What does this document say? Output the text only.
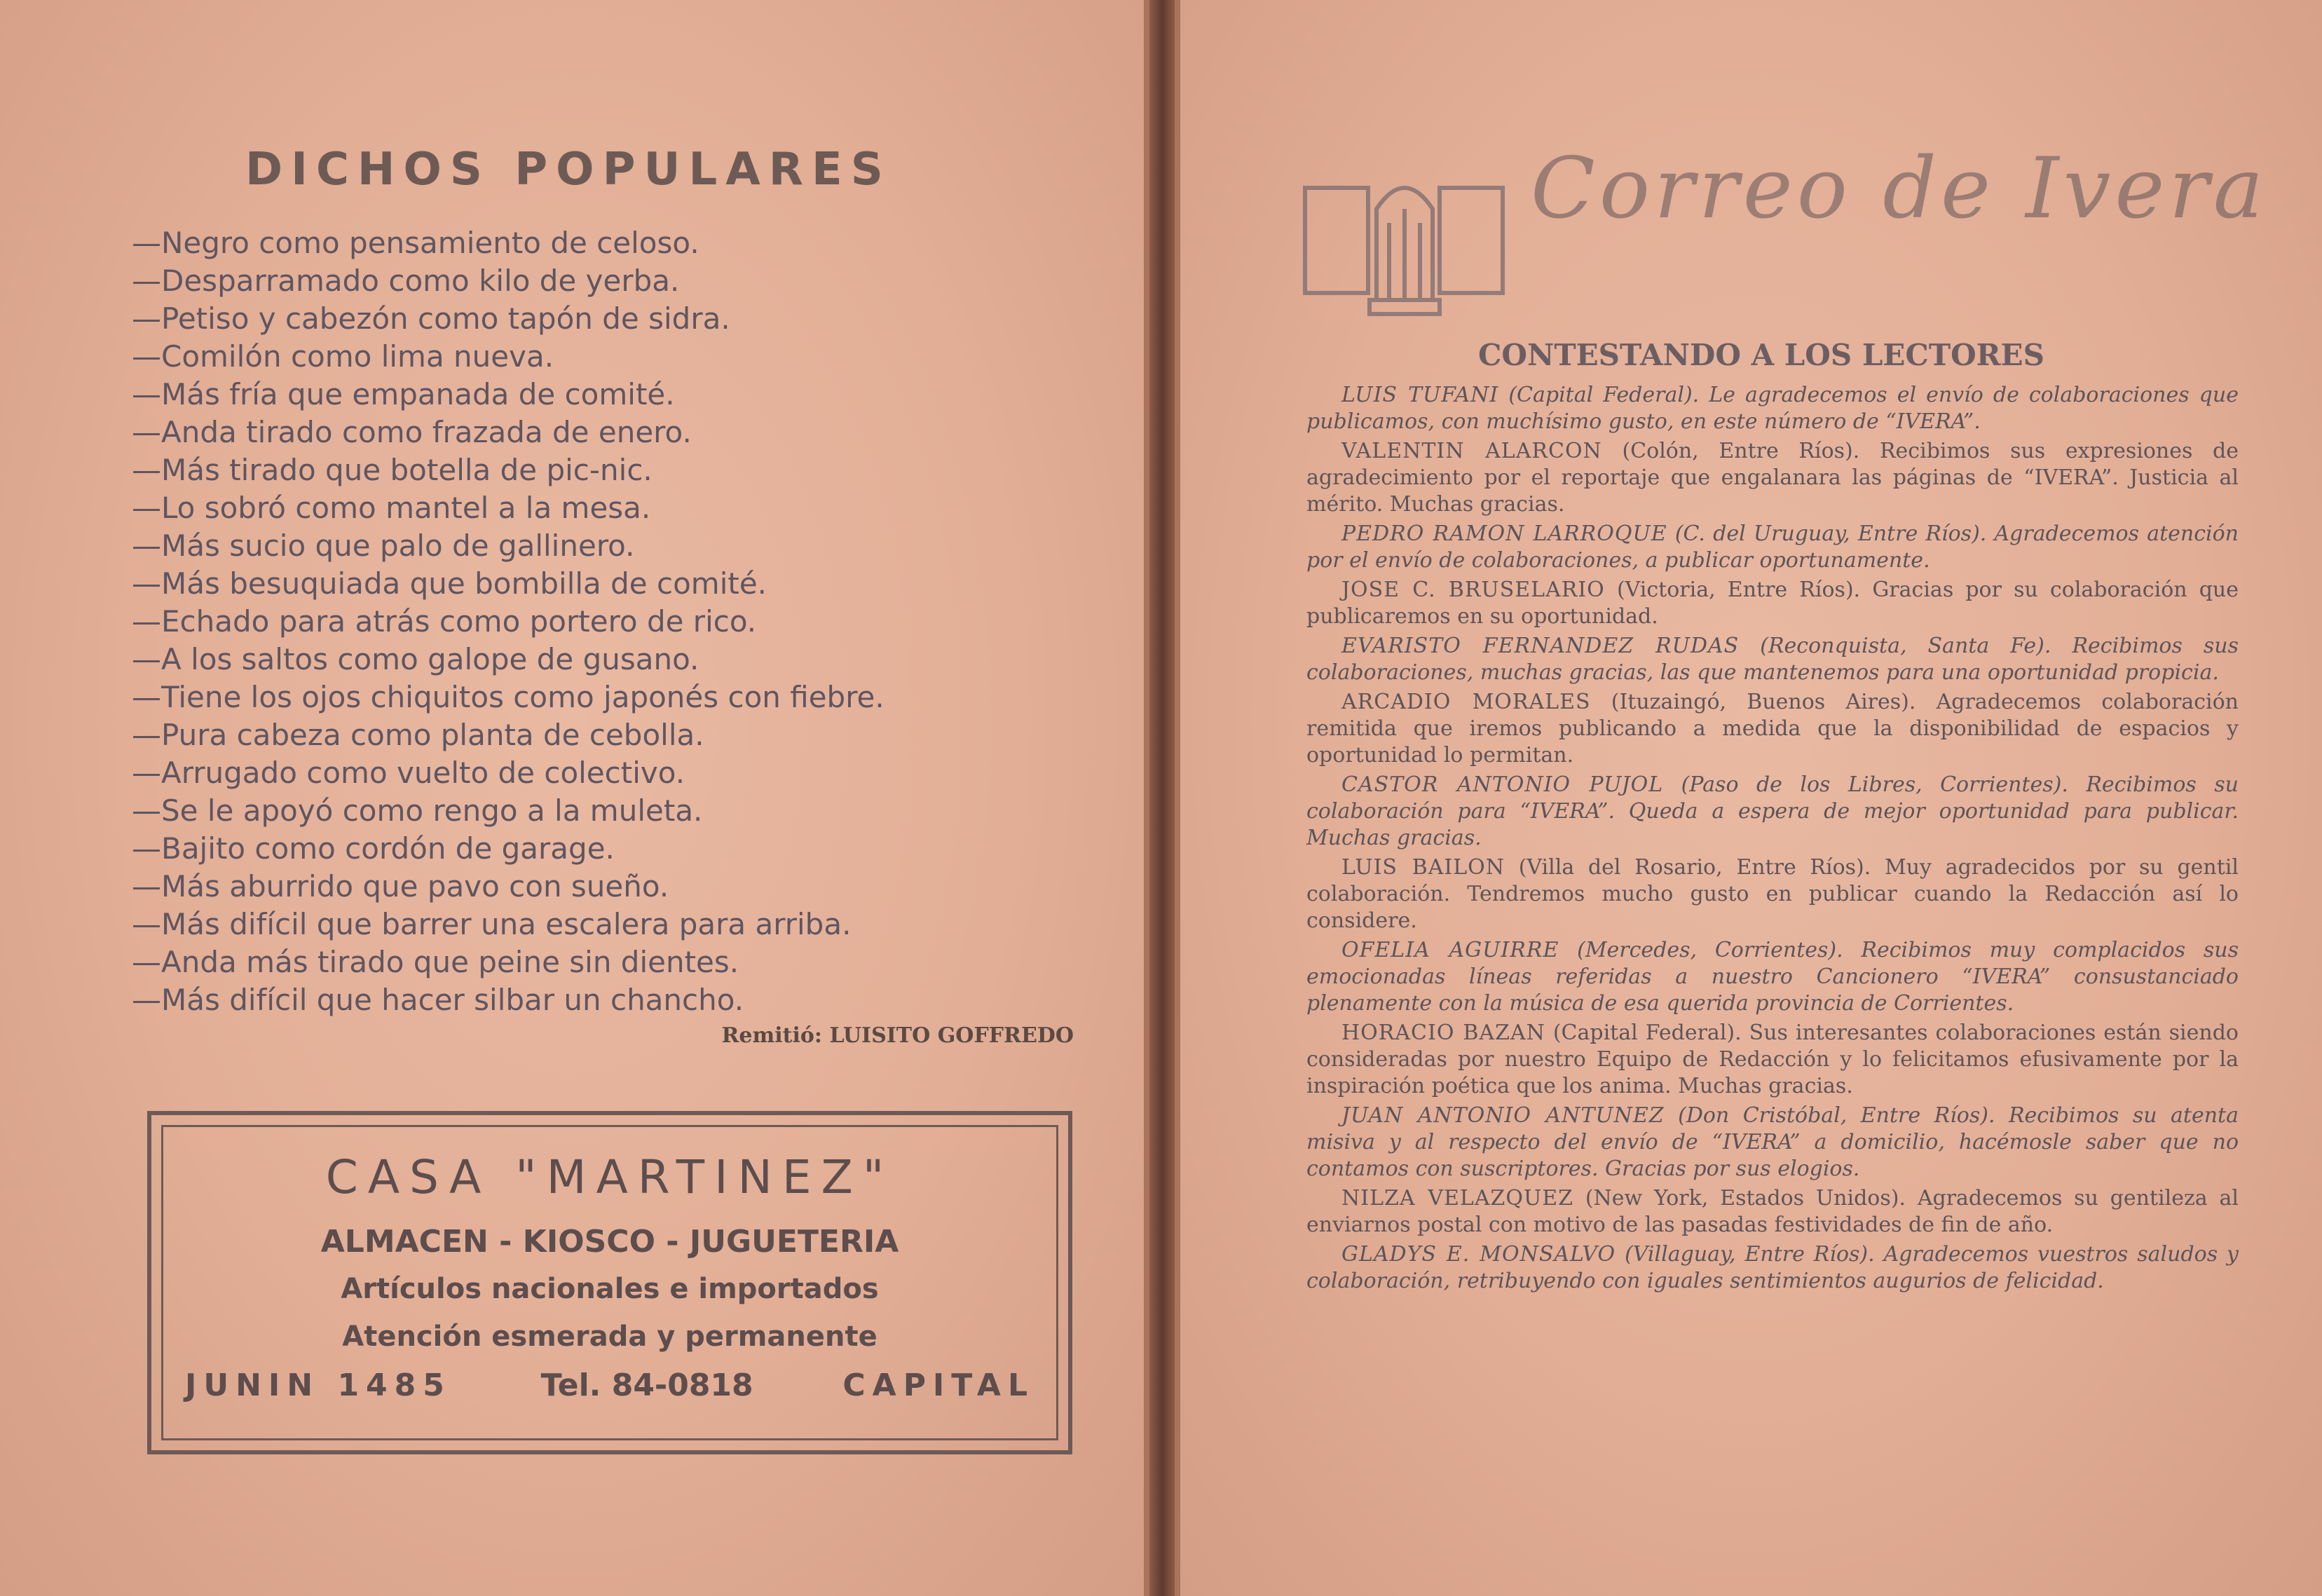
DICHOS POPULARES
— Negro como pensamiento de celoso.
— Desparramado como kilo de yerba.
— Petiso y cabezón como tapón de sidra.
— Comilón como lima nueva.
— Más fría que empanada de comité.
— Anda tirado como frazada de enero.
— Más tirado que botella de pic-nic.
— Lo sobró como mantel a la mesa.
— Más sucio que palo de gallinero.
— Más besuquiada que bombilla de comité.
— Echado para atrás como portero de rico.
— A los saltos como galope de gusano.
— Tiene los ojos chiquitos como japonés con fiebre.
— Pura cabeza como planta de cebolla.
— Arrugado como vuelto de colectivo.
— Se le apoyó como rengo a la muleta.
— Bajito como cordón de garage.
— Más aburrido que pavo con sueño.
— Más difícil que barrer una escalera para arriba.
— Anda más tirado que peine sin dientes.
— Más difícil que hacer silbar un chancho.
Remitió: LUISITO GOFFREDO
CASA "MARTINEZ"
ALMACEN - KIOSCO - JUGUETERIA
Artículos nacionales e importados
Atención esmerada y permanente
JUNIN 1485	Tel. 84-0818	CAPITAL
Correo de Ivera
CONTESTANDO A LOS LECTORES

LUIS TUFANI (Capital Federal). Le agradecemos el envío de colaboraciones que publicamos, con muchísimo gusto, en este número de “IVERA”.

VALENTIN ALARCON (Colón, Entre Ríos). Recibimos sus expresiones de agradecimiento por el reportaje que engalanara las páginas de “IVERA”. Justicia al mérito. Muchas gracias.

PEDRO RAMON LARROQUE (C. del Uruguay, Entre Ríos). Agradecemos atención por el envío de colaboraciones, a publicar oportunamente.

JOSE C. BRUSELARIO (Victoria, Entre Ríos). Gracias por su colaboración que publicaremos en su oportunidad.

EVARISTO FERNANDEZ RUDAS (Reconquista, Santa Fe). Recibimos sus colaboraciones, muchas gracias, las que mantenemos para una oportunidad propicia.

ARCADIO MORALES (Ituzaingó, Buenos Aires). Agradecemos colaboración remitida que iremos publicando a medida que la disponibilidad de espacios y oportunidad lo permitan.

CASTOR ANTONIO PUJOL (Paso de los Libres, Corrientes). Recibimos su colaboración para “IVERA”. Queda a espera de mejor oportunidad para publicar. Muchas gracias.

LUIS BAILON (Villa del Rosario, Entre Ríos). Muy agradecidos por su gentil colaboración. Tendremos mucho gusto en publicar cuando la Redacción así lo considere.

OFELIA AGUIRRE (Mercedes, Corrientes). Recibimos muy complacidos sus emocionadas líneas referidas a nuestro Cancionero “IVERA” consustanciado plenamente con la música de esa querida provincia de Corrientes.

HORACIO BAZAN (Capital Federal). Sus interesantes colaboraciones están siendo consideradas por nuestro Equipo de Redacción y lo felicitamos efusivamente por la inspiración poética que los anima. Muchas gracias.

JUAN ANTONIO ANTUNEZ (Don Cristóbal, Entre Ríos). Recibimos su atenta misiva y al respecto del envío de “IVERA” a domicilio, hacémosle saber que no contamos con suscriptores. Gracias por sus elogios.

NILZA VELAZQUEZ (New York, Estados Unidos). Agradecemos su gentileza al enviarnos postal con motivo de las pasadas festividades de fin de año.

GLADYS E. MONSALVO (Villaguay, Entre Ríos). Agradecemos vuestros saludos y colaboración, retribuyendo con iguales sentimientos augurios de felicidad.
